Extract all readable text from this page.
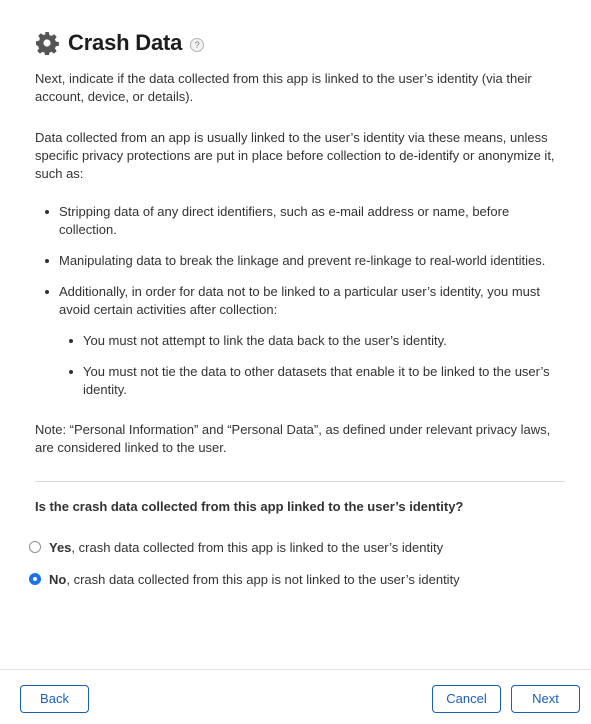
Crash Data	?

Next, indicate if the data collected from this app is linked to the user’s identity (via their account, device, or details).

Data collected from an app is usually linked to the user’s identity via these means, unless specific privacy protections are put in place before collection to de-identify or anonymize it, such as:

Stripping data of any direct identifiers, such as e-mail address or name, before collection.
Manipulating data to break the linkage and prevent re-linkage to real-world identities.
Additionally, in order for data not to be linked to a particular user’s identity, you must avoid certain activities after collection:
You must not attempt to link the data back to the user’s identity.
You must not tie the data to other datasets that enable it to be linked to the user’s identity.

Note: “Personal Information” and “Personal Data”, as defined under relevant privacy laws, are considered linked to the user.

Is the crash data collected from this app linked to the user’s identity?
Yes, crash data collected from this app is linked to the user’s identity
No, crash data collected from this app is not linked to the user’s identity
Back	Cancel	Next
